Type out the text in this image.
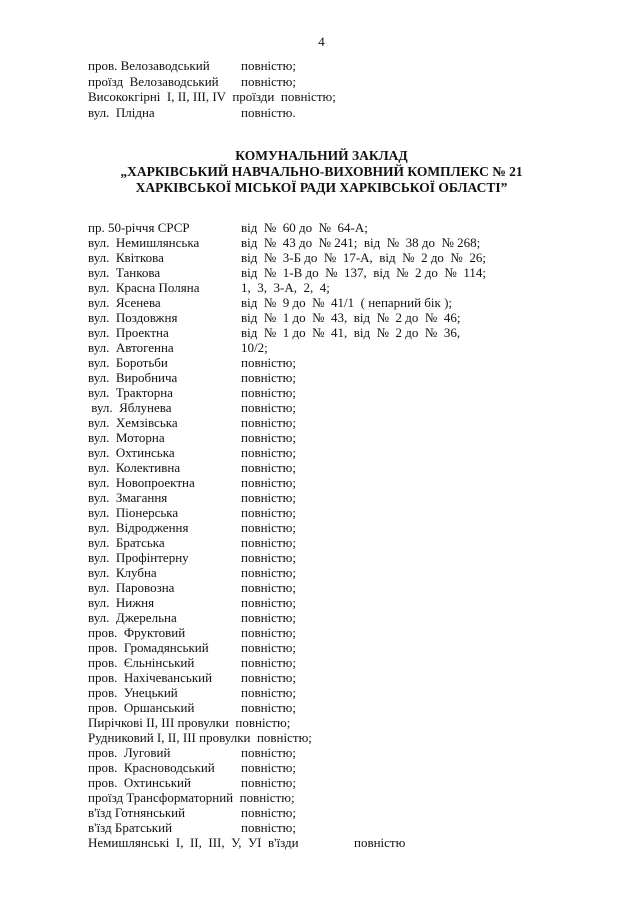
4
пров. Велозаводський повністю;
проїзд  Велозаводський повністю;
Висококгірні  I, II, III, IV  проїзди  повністю;
вул.  Плідна	повністю.
КОМУНАЛЬНИЙ ЗАКЛАД
„ХАРКІВСЬКИЙ НАВЧАЛЬНО-ВИХОВНИЙ КОМПЛЕКС № 21
ХАРКІВСЬКОЇ МІСЬКОЇ РАДИ ХАРКІВСЬКОЇ ОБЛАСТІ”
пр. 50-річчя СРСР	від  №  60 до  №  64-А;
вул.  Немишлянська	від  №  43 до  № 241;  від  №  38 до  № 268;
вул.  Квіткова	від  №  3-Б до  №  17-А,  від  №  2 до  №  26;
вул.  Танкова	від  №  1-В до  №  137,  від  №  2 до  №  114;
вул.  Красна Поляна	1,  3,  3-А,  2,  4;
вул.  Ясенева	від  №  9 до  №  41/1  ( непарний бік );
вул.  Поздовжня	від  №  1 до  №  43,  від  №  2 до  №  46;
вул.  Проектна	від  №  1 до  №  41,  від  №  2 до  №  36,
вул.  Автогенна	10/2;
вул.  Боротьби	повністю;
вул.  Виробнича	повністю;
вул.  Тракторна	повністю;
вул.  Яблунева	повністю;
вул.  Хемзівська	повністю;
вул.  Моторна	повністю;
вул.  Охтинська	повністю;
вул.  Колективна	повністю;
вул.  Новопроектна	повністю;
вул.  Змагання	повністю;
вул.  Піонерська	повністю;
вул.  Відродження	повністю;
вул.  Братська	повністю;
вул.  Профінтерну	повністю;
вул.  Клубна	повністю;
вул.  Паровозна	повністю;
вул.  Нижня	повністю;
вул.  Джерельна	повністю;
пров.  Фруктовий	повністю;
пров.  Громадянський повністю;
пров.  Єльнінський	повністю;
пров.  Нахічеванський повністю;
пров.  Унецький	повністю;
пров.  Оршанський	повністю;
Пирічкові II, III провулки  повністю;
Рудниковий I, II, III провулки  повністю;
пров.  Луговий	повністю;
пров.  Красноводський повністю;
пров.  Охтинський	повністю;
проїзд Трансформаторний  повністю;
в'їзд Готнянський	повністю;
в'їзд Братський	повністю;
Немишлянські  I,  II,  III,  У,  УI  в'їзди	повністю
